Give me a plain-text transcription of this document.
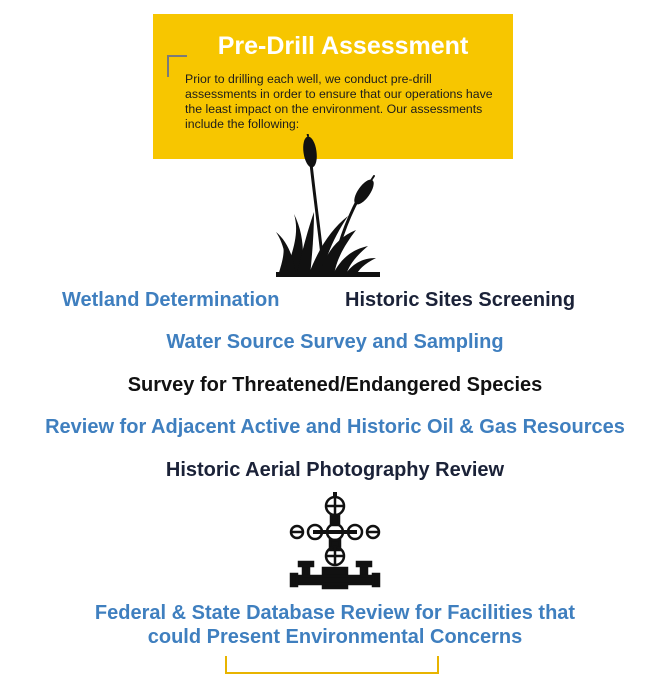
Pre-Drill Assessment
Prior to drilling each well, we conduct pre-drill assessments in order to ensure that our operations have the least impact on the environment. Our assessments include the following:
Wetland Determination	Historic Sites Screening
Water Source Survey and Sampling
Survey for Threatened/Endangered Species
Review for Adjacent Active and Historic Oil & Gas Resources
Historic Aerial Photography Review
Federal & State Database Review for Facilities that
could Present Environmental Concerns
